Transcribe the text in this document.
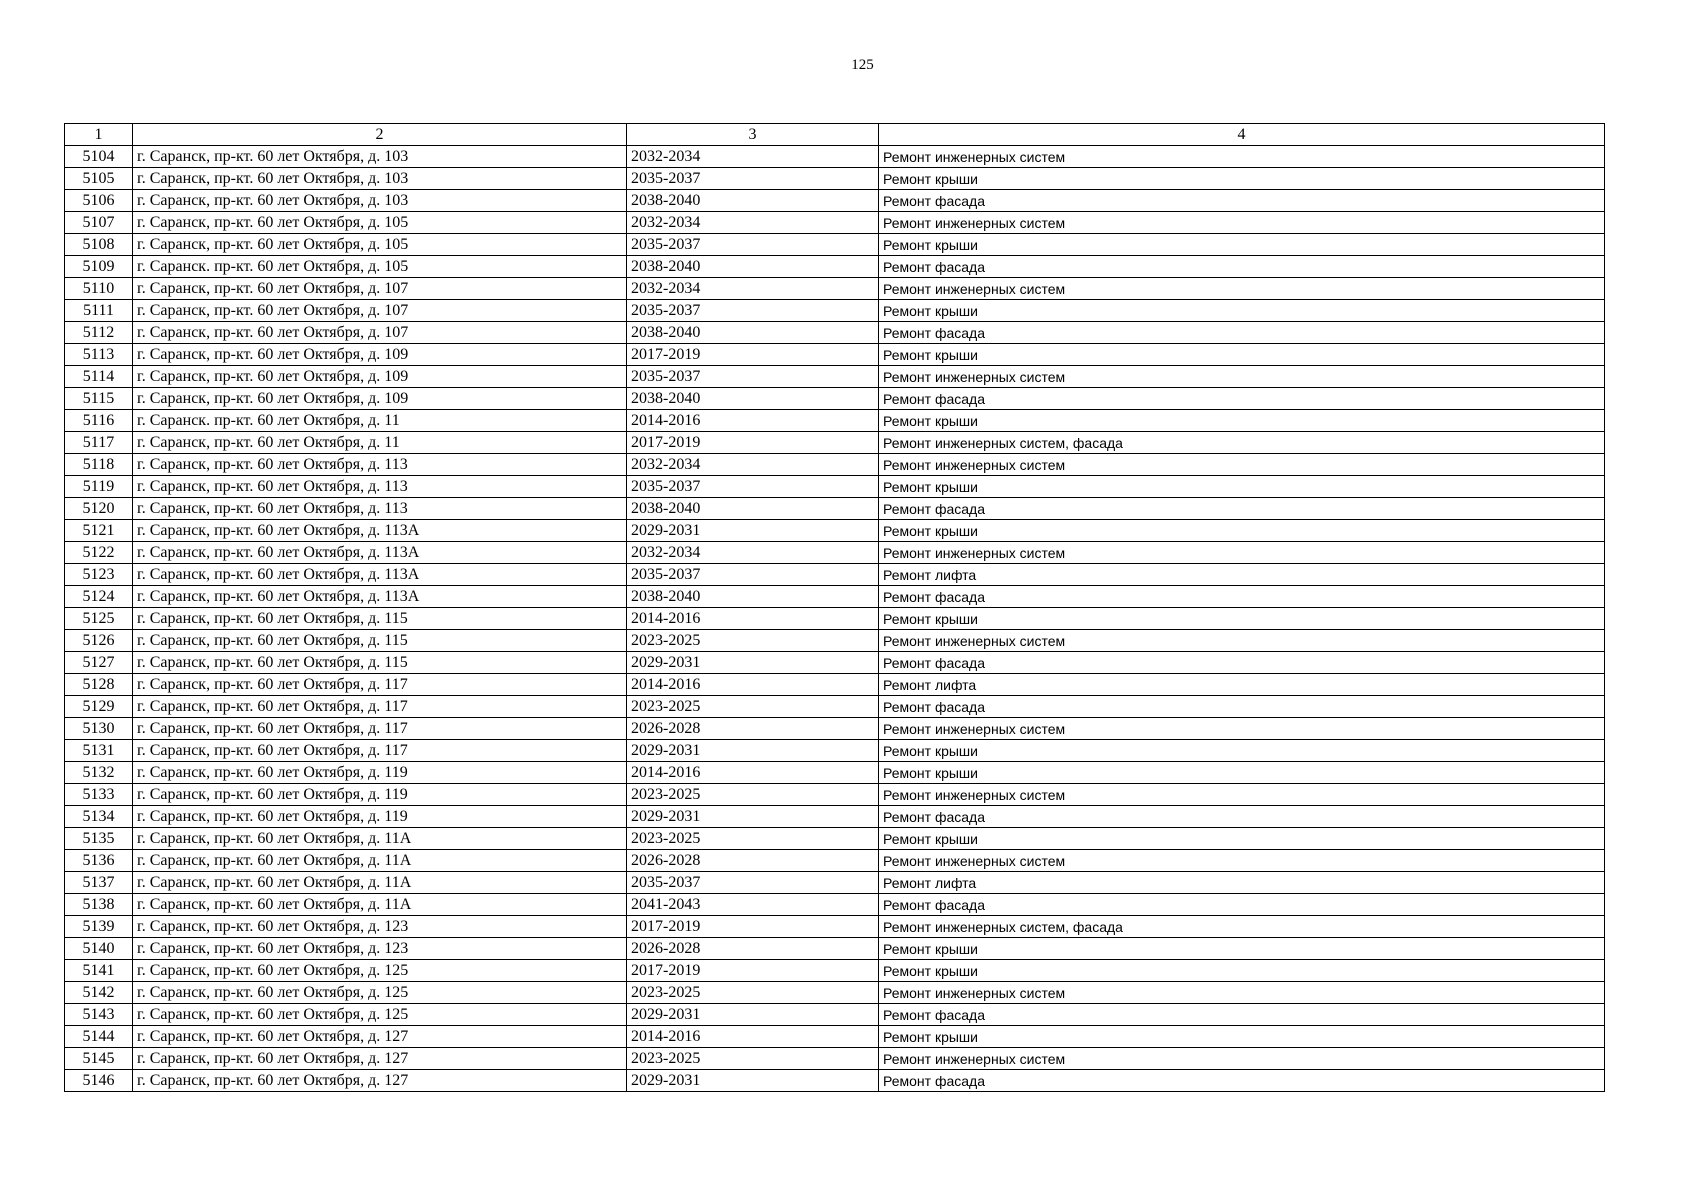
125
1	2	3	4
5104	г. Саранск, пр-кт. 60 лет Октября, д. 103	2032-2034	Ремонт инженерных систем
5105	г. Саранск, пр-кт. 60 лет Октября, д. 103	2035-2037	Ремонт крыши
5106	г. Саранск, пр-кт. 60 лет Октября, д. 103	2038-2040	Ремонт фасада
5107	г. Саранск, пр-кт. 60 лет Октября, д. 105	2032-2034	Ремонт инженерных систем
5108	г. Саранск, пр-кт. 60 лет Октября, д. 105	2035-2037	Ремонт крыши
5109	г. Саранск. пр-кт. 60 лет Октября, д. 105	2038-2040	Ремонт фасада
5110	г. Саранск, пр-кт. 60 лет Октября, д. 107	2032-2034	Ремонт инженерных систем
5111	г. Саранск, пр-кт. 60 лет Октября, д. 107	2035-2037	Ремонт крыши
5112	г. Саранск, пр-кт. 60 лет Октября, д. 107	2038-2040	Ремонт фасада
5113	г. Саранск, пр-кт. 60 лет Октября, д. 109	2017-2019	Ремонт крыши
5114	г. Саранск, пр-кт. 60 лет Октября, д. 109	2035-2037	Ремонт инженерных систем
5115	г. Саранск, пр-кт. 60 лет Октября, д. 109	2038-2040	Ремонт фасада
5116	г. Саранск. пр-кт. 60 лет Октября, д. 11	2014-2016	Ремонт крыши
5117	г. Саранск, пр-кт. 60 лет Октября, д. 11	2017-2019	Ремонт инженерных систем, фасада
5118	г. Саранск, пр-кт. 60 лет Октября, д. 113	2032-2034	Ремонт инженерных систем
5119	г. Саранск, пр-кт. 60 лет Октября, д. 113	2035-2037	Ремонт крыши
5120	г. Саранск, пр-кт. 60 лет Октября, д. 113	2038-2040	Ремонт фасада
5121	г. Саранск, пр-кт. 60 лет Октября, д. 113А	2029-2031	Ремонт крыши
5122	г. Саранск, пр-кт. 60 лет Октября, д. 113А	2032-2034	Ремонт инженерных систем
5123	г. Саранск, пр-кт. 60 лет Октября, д. 113А	2035-2037	Ремонт лифта
5124	г. Саранск, пр-кт. 60 лет Октября, д. 113А	2038-2040	Ремонт фасада
5125	г. Саранск, пр-кт. 60 лет Октября, д. 115	2014-2016	Ремонт крыши
5126	г. Саранск, пр-кт. 60 лет Октября, д. 115	2023-2025	Ремонт инженерных систем
5127	г. Саранск, пр-кт. 60 лет Октября, д. 115	2029-2031	Ремонт фасада
5128	г. Саранск, пр-кт. 60 лет Октября, д. 117	2014-2016	Ремонт лифта
5129	г. Саранск, пр-кт. 60 лет Октября, д. 117	2023-2025	Ремонт фасада
5130	г. Саранск, пр-кт. 60 лет Октября, д. 117	2026-2028	Ремонт инженерных систем
5131	г. Саранск, пр-кт. 60 лет Октября, д. 117	2029-2031	Ремонт крыши
5132	г. Саранск, пр-кт. 60 лет Октября, д. 119	2014-2016	Ремонт крыши
5133	г. Саранск, пр-кт. 60 лет Октября, д. 119	2023-2025	Ремонт инженерных систем
5134	г. Саранск, пр-кт. 60 лет Октября, д. 119	2029-2031	Ремонт фасада
5135	г. Саранск, пр-кт. 60 лет Октября, д. 11А	2023-2025	Ремонт крыши
5136	г. Саранск, пр-кт. 60 лет Октября, д. 11А	2026-2028	Ремонт инженерных систем
5137	г. Саранск, пр-кт. 60 лет Октября, д. 11А	2035-2037	Ремонт лифта
5138	г. Саранск, пр-кт. 60 лет Октября, д. 11А	2041-2043	Ремонт фасада
5139	г. Саранск, пр-кт. 60 лет Октября, д. 123	2017-2019	Ремонт инженерных систем, фасада
5140	г. Саранск, пр-кт. 60 лет Октября, д. 123	2026-2028	Ремонт крыши
5141	г. Саранск, пр-кт. 60 лет Октября, д. 125	2017-2019	Ремонт крыши
5142	г. Саранск, пр-кт. 60 лет Октября, д. 125	2023-2025	Ремонт инженерных систем
5143	г. Саранск, пр-кт. 60 лет Октября, д. 125	2029-2031	Ремонт фасада
5144	г. Саранск, пр-кт. 60 лет Октября, д. 127	2014-2016	Ремонт крыши
5145	г. Саранск, пр-кт. 60 лет Октября, д. 127	2023-2025	Ремонт инженерных систем
5146	г. Саранск, пр-кт. 60 лет Октября, д. 127	2029-2031	Ремонт фасада
